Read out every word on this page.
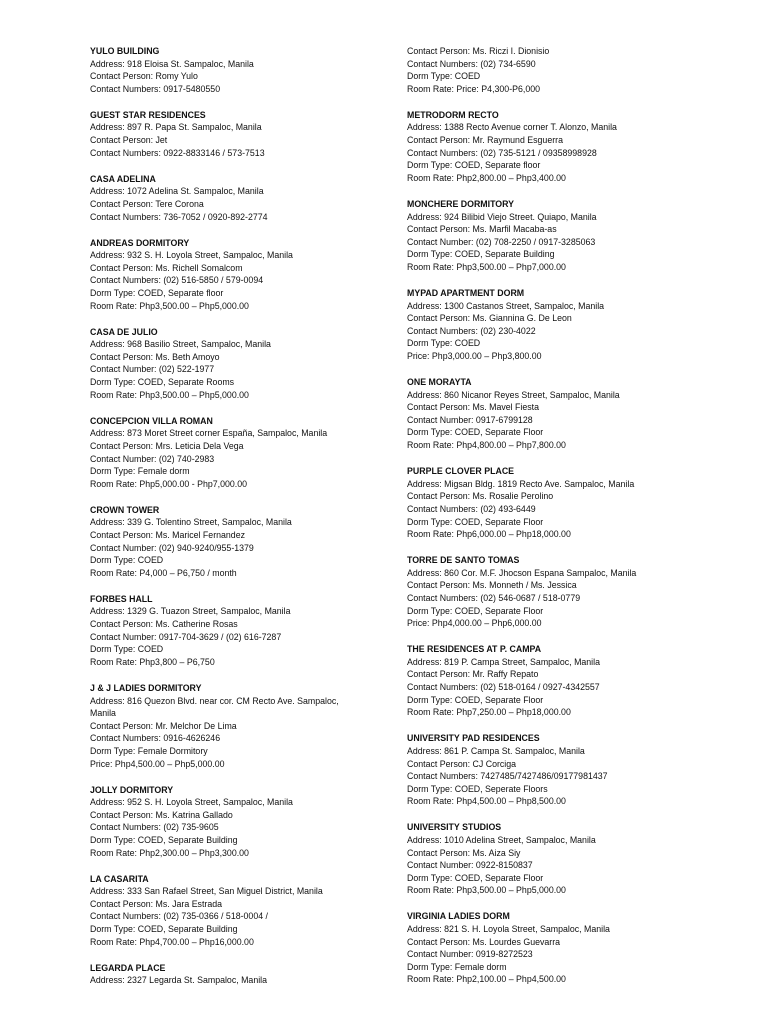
YULO BUILDING
Address: 918 Eloisa St. Sampaloc, Manila
Contact Person: Romy Yulo
Contact Numbers: 0917-5480550
GUEST STAR RESIDENCES
Address: 897 R. Papa St. Sampaloc, Manila
Contact Person: Jet
Contact Numbers: 0922-8833146 / 573-7513
CASA ADELINA
Address: 1072 Adelina St. Sampaloc, Manila
Contact Person: Tere Corona
Contact Numbers: 736-7052 / 0920-892-2774
ANDREAS DORMITORY
Address: 932 S. H. Loyola Street, Sampaloc, Manila
Contact Person: Ms. Richell Somalcom
Contact Numbers: (02) 516-5850 / 579-0094
Dorm Type: COED, Separate floor
Room Rate: Php3,500.00 – Php5,000.00
CASA DE JULIO
Address: 968 Basilio Street, Sampaloc, Manila
Contact Person: Ms. Beth Amoyo
Contact Number: (02) 522-1977
Dorm Type: COED, Separate Rooms
Room Rate: Php3,500.00 – Php5,000.00
CONCEPCION VILLA ROMAN
Address: 873 Moret Street corner España, Sampaloc, Manila
Contact Person: Mrs. Leticia Dela Vega
Contact Number: (02) 740-2983
Dorm Type: Female dorm
Room Rate: Php5,000.00 - Php7,000.00
CROWN TOWER
Address: 339 G. Tolentino Street, Sampaloc, Manila
Contact Person: Ms. Maricel Fernandez
Contact Number: (02) 940-9240/955-1379
Dorm Type: COED
Room Rate: P4,000 – P6,750 / month
FORBES HALL
Address: 1329 G. Tuazon Street, Sampaloc, Manila
Contact Person: Ms. Catherine Rosas
Contact Number: 0917-704-3629 / (02) 616-7287
Dorm Type: COED
Room Rate: Php3,800 – P6,750
J & J LADIES DORMITORY
Address: 816 Quezon Blvd. near cor. CM Recto Ave. Sampaloc,
Manila
Contact Person: Mr. Melchor De Lima
Contact Numbers: 0916-4626246
Dorm Type: Female Dormitory
Price: Php4,500.00 – Php5,000.00
JOLLY DORMITORY
Address: 952 S. H. Loyola Street, Sampaloc, Manila
Contact Person: Ms. Katrina Gallado
Contact Numbers: (02) 735-9605
Dorm Type: COED, Separate Building
Room Rate: Php2,300.00 – Php3,300.00
LA CASARITA
Address: 333 San Rafael Street, San Miguel District, Manila
Contact Person: Ms. Jara Estrada
Contact Numbers: (02) 735-0366 / 518-0004 /
Dorm Type: COED, Separate Building
Room Rate: Php4,700.00 – Php16,000.00
LEGARDA PLACE
Address: 2327 Legarda St. Sampaloc, Manila
Contact Person: Ms. Riczi I. Dionisio
Contact Numbers: (02) 734-6590
Dorm Type: COED
Room Rate: Price: P4,300-P6,000
METRODORM RECTO
Address: 1388 Recto Avenue corner T. Alonzo, Manila
Contact Person: Mr. Raymund Esguerra
Contact Numbers: (02) 735-5121 / 09358998928
Dorm Type: COED, Separate floor
Room Rate: Php2,800.00 – Php3,400.00
MONCHERE DORMITORY
Address: 924 Bilibid Viejo Street. Quiapo, Manila
Contact Person: Ms. Marfil Macaba-as
Contact Number: (02) 708-2250 / 0917-3285063
Dorm Type: COED, Separate Building
Room Rate: Php3,500.00 – Php7,000.00
MYPAD APARTMENT DORM
Address: 1300 Castanos Street, Sampaloc, Manila
Contact Person: Ms. Giannina G. De Leon
Contact Numbers: (02) 230-4022
Dorm Type: COED
Price: Php3,000.00 – Php3,800.00
ONE MORAYTA
Address: 860 Nicanor Reyes Street, Sampaloc, Manila
Contact Person: Ms. Mavel Fiesta
Contact Number: 0917-6799128
Dorm Type: COED, Separate Floor
Room Rate: Php4,800.00 – Php7,800.00
PURPLE CLOVER PLACE
Address: Migsan Bldg. 1819 Recto Ave. Sampaloc, Manila
Contact Person: Ms. Rosalie Perolino
Contact Numbers: (02) 493-6449
Dorm Type: COED, Separate Floor
Room Rate: Php6,000.00 – Php18,000.00
TORRE DE SANTO TOMAS
Address: 860 Cor. M.F. Jhocson Espana Sampaloc, Manila
Contact Person: Ms. Monneth / Ms. Jessica
Contact Numbers: (02) 546-0687 / 518-0779
Dorm Type: COED, Separate Floor
Price: Php4,000.00 – Php6,000.00
THE RESIDENCES AT P. CAMPA
Address: 819 P. Campa Street, Sampaloc, Manila
Contact Person: Mr. Raffy Repato
Contact Numbers: (02) 518-0164 / 0927-4342557
Dorm Type: COED, Separate Floor
Room Rate: Php7,250.00 – Php18,000.00
UNIVERSITY PAD RESIDENCES
Address: 861 P. Campa St. Sampaloc, Manila
Contact Person: CJ Corciga
Contact Numbers: 7427485/7427486/09177981437
Dorm Type: COED, Seperate Floors
Room Rate: Php4,500.00 – Php8,500.00
UNIVERSITY STUDIOS
Address: 1010 Adelina Street, Sampaloc, Manila
Contact Person: Ms. Aiza Siy
Contact Number: 0922-8150837
Dorm Type: COED, Separate Floor
Room Rate: Php3,500.00 – Php5,000.00
VIRGINIA LADIES DORM
Address: 821 S. H. Loyola Street, Sampaloc, Manila
Contact Person: Ms. Lourdes Guevarra
Contact Number: 0919-8272523
Dorm Type: Female dorm
Room Rate: Php2,100.00 – Php4,500.00
